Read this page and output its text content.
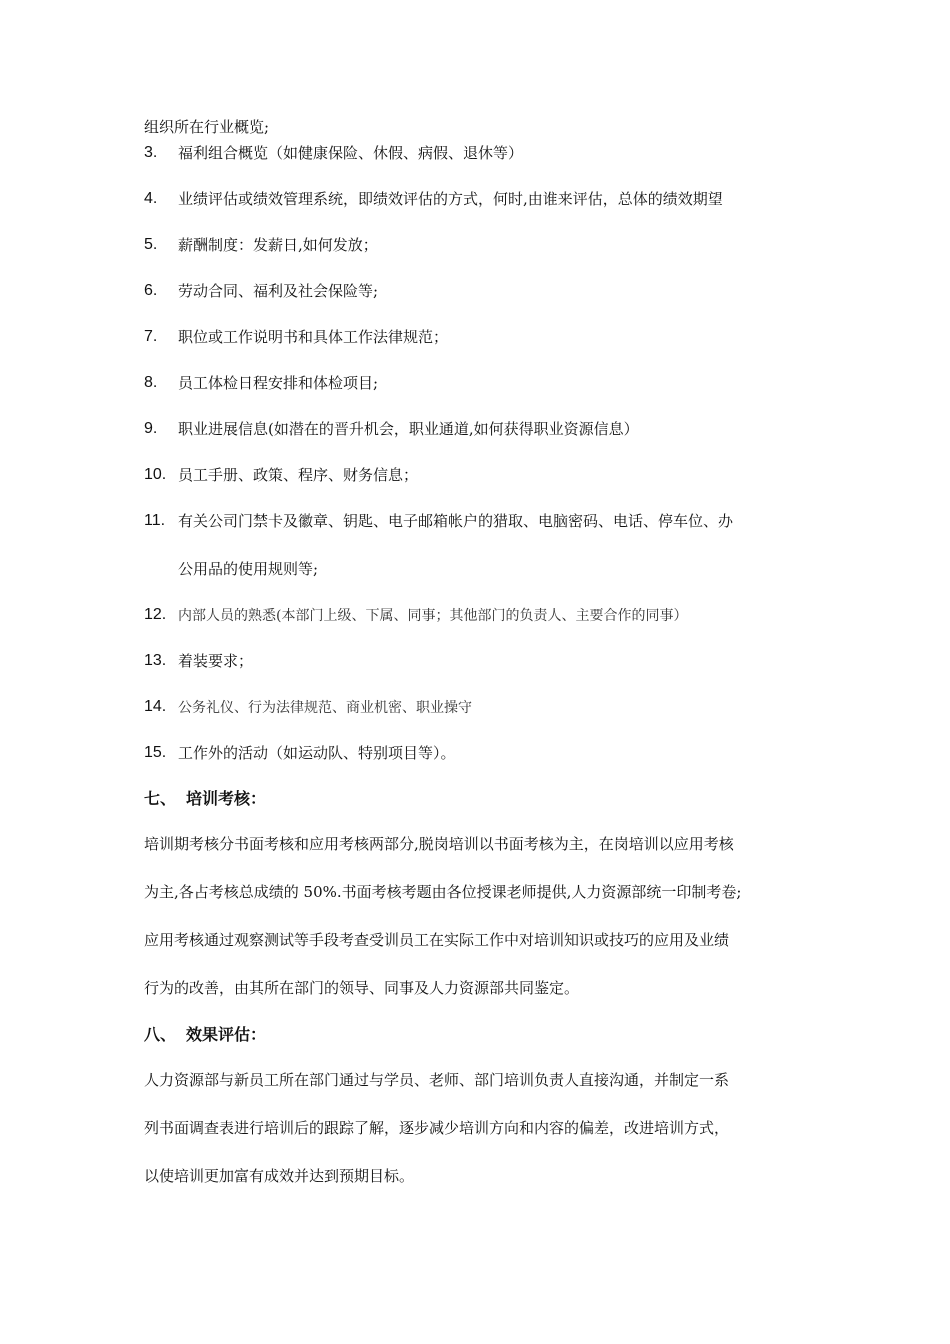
组织所在行业概览;
3. 福利组合概览（如健康保险、休假、病假、退休等）
4. 业绩评估或绩效管理系统，即绩效评估的方式，何时,由谁来评估，总体的绩效期望
5. 薪酬制度：发薪日,如何发放；
6. 劳动合同、福利及社会保险等;
7. 职位或工作说明书和具体工作法律规范；
8. 员工体检日程安排和体检项目;
9. 职业进展信息(如潜在的晋升机会，职业通道,如何获得职业资源信息）
10. 员工手册、政策、程序、财务信息；
11. 有关公司门禁卡及徽章、钥匙、电子邮箱帐户的猎取、电脑密码、电话、停车位、办
公用品的使用规则等;
12. 内部人员的熟悉(本部门上级、下属、同事；其他部门的负责人、主要合作的同事）
13. 着装要求；
14. 公务礼仪、行为法律规范、商业机密、职业操守
15. 工作外的活动（如运动队、特别项目等）。
七、 培训考核：
培训期考核分书面考核和应用考核两部分,脱岗培训以书面考核为主，在岗培训以应用考核
为主,各占考核总成绩的 50%.书面考核考题由各位授课老师提供,人力资源部统一印制考卷;
应用考核通过观察测试等手段考查受训员工在实际工作中对培训知识或技巧的应用及业绩
行为的改善，由其所在部门的领导、同事及人力资源部共同鉴定。
八、 效果评估：
人力资源部与新员工所在部门通过与学员、老师、部门培训负责人直接沟通，并制定一系
列书面调查表进行培训后的跟踪了解，逐步减少培训方向和内容的偏差，改进培训方式，
以使培训更加富有成效并达到预期目标。
